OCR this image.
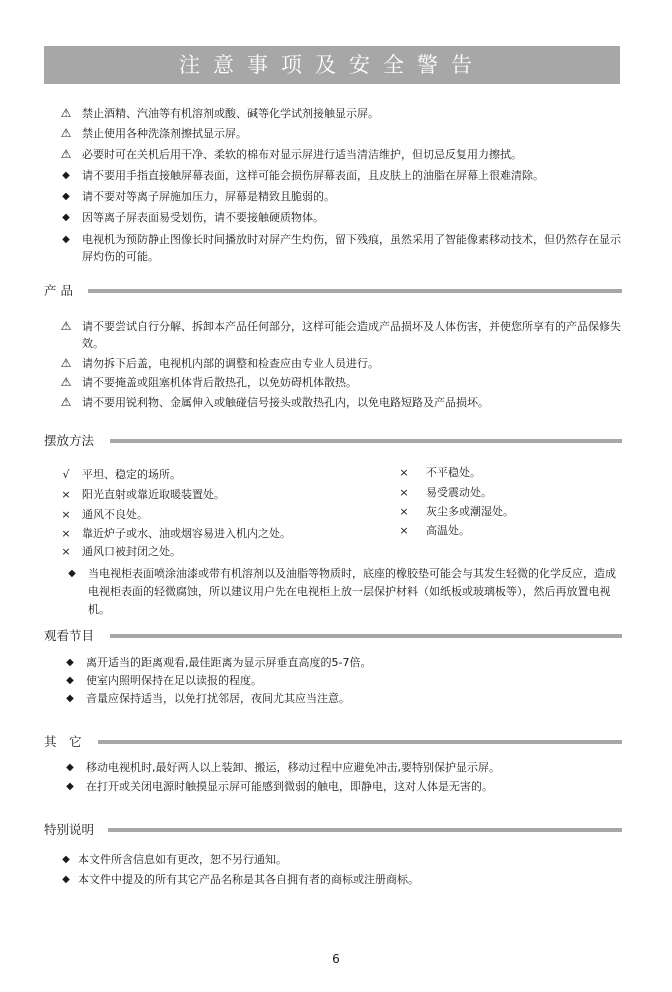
注意事项及安全警告
⚠ 禁止酒精、汽油等有机溶剂或酸、碱等化学试剂接触显示屏。
⚠ 禁止使用各种洗涤剂擦拭显示屏。
⚠ 必要时可在关机后用干净、柔软的棉布对显示屏进行适当清洁维护，但切忌反复用力擦拭。
◆	请不要用手指直接触屏幕表面，这样可能会损伤屏幕表面，且皮肤上的油脂在屏幕上很难清除。
◆	请不要对等离子屏施加压力，屏幕是精致且脆弱的。
◆	因等离子屏表面易受划伤，请不要接触硬质物体。
◆	电视机为预防静止图像长时间播放时对屏产生灼伤，留下残痕，虽然采用了智能像素移动技术，但仍然存在显示屏灼伤的可能。
产 品
⚠ 请不要尝试自行分解、拆卸本产品任何部分，这样可能会造成产品损坏及人体伤害，并使您所享有的产品保修失效。
⚠ 请勿拆下后盖，电视机内部的调整和检查应由专业人员进行。
⚠ 请不要掩盖或阻塞机体背后散热孔，以免妨碍机体散热。
⚠ 请不要用锐利物、金属伸入或触碰信号接头或散热孔内，以免电路短路及产品损坏。
摆放方法
√	平坦、稳定的场所。
×	阳光直射或靠近取暖装置处。
×	通风不良处。
×	靠近炉子或水、油或烟容易进入机内之处。
×	通风口被封闭之处。
×	不平稳处。
×	易受震动处。
×	灰尘多或潮湿处。
×	高温处。
◆	当电视柜表面喷涂油漆或带有机溶剂以及油脂等物质时，底座的橡胶垫可能会与其发生轻微的化学反应，造成电视柜表面的轻微腐蚀，所以建议用户先在电视柜上放一层保护材料（如纸板或玻璃板等），然后再放置电视机。
观看节目
◆	离开适当的距离观看,最佳距离为显示屏垂直高度的5-7倍。
◆	使室内照明保持在足以读报的程度。
◆	音量应保持适当，以免打扰邻居，夜间尤其应当注意。
其　它
◆	移动电视机时,最好两人以上装卸、搬运，移动过程中应避免冲击,要特别保护显示屏。
◆	在打开或关闭电源时触摸显示屏可能感到微弱的触电，即静电，这对人体是无害的。
特别说明
◆ 本文件所含信息如有更改，恕不另行通知。
◆ 本文件中提及的所有其它产品名称是其各自拥有者的商标或注册商标。
6
